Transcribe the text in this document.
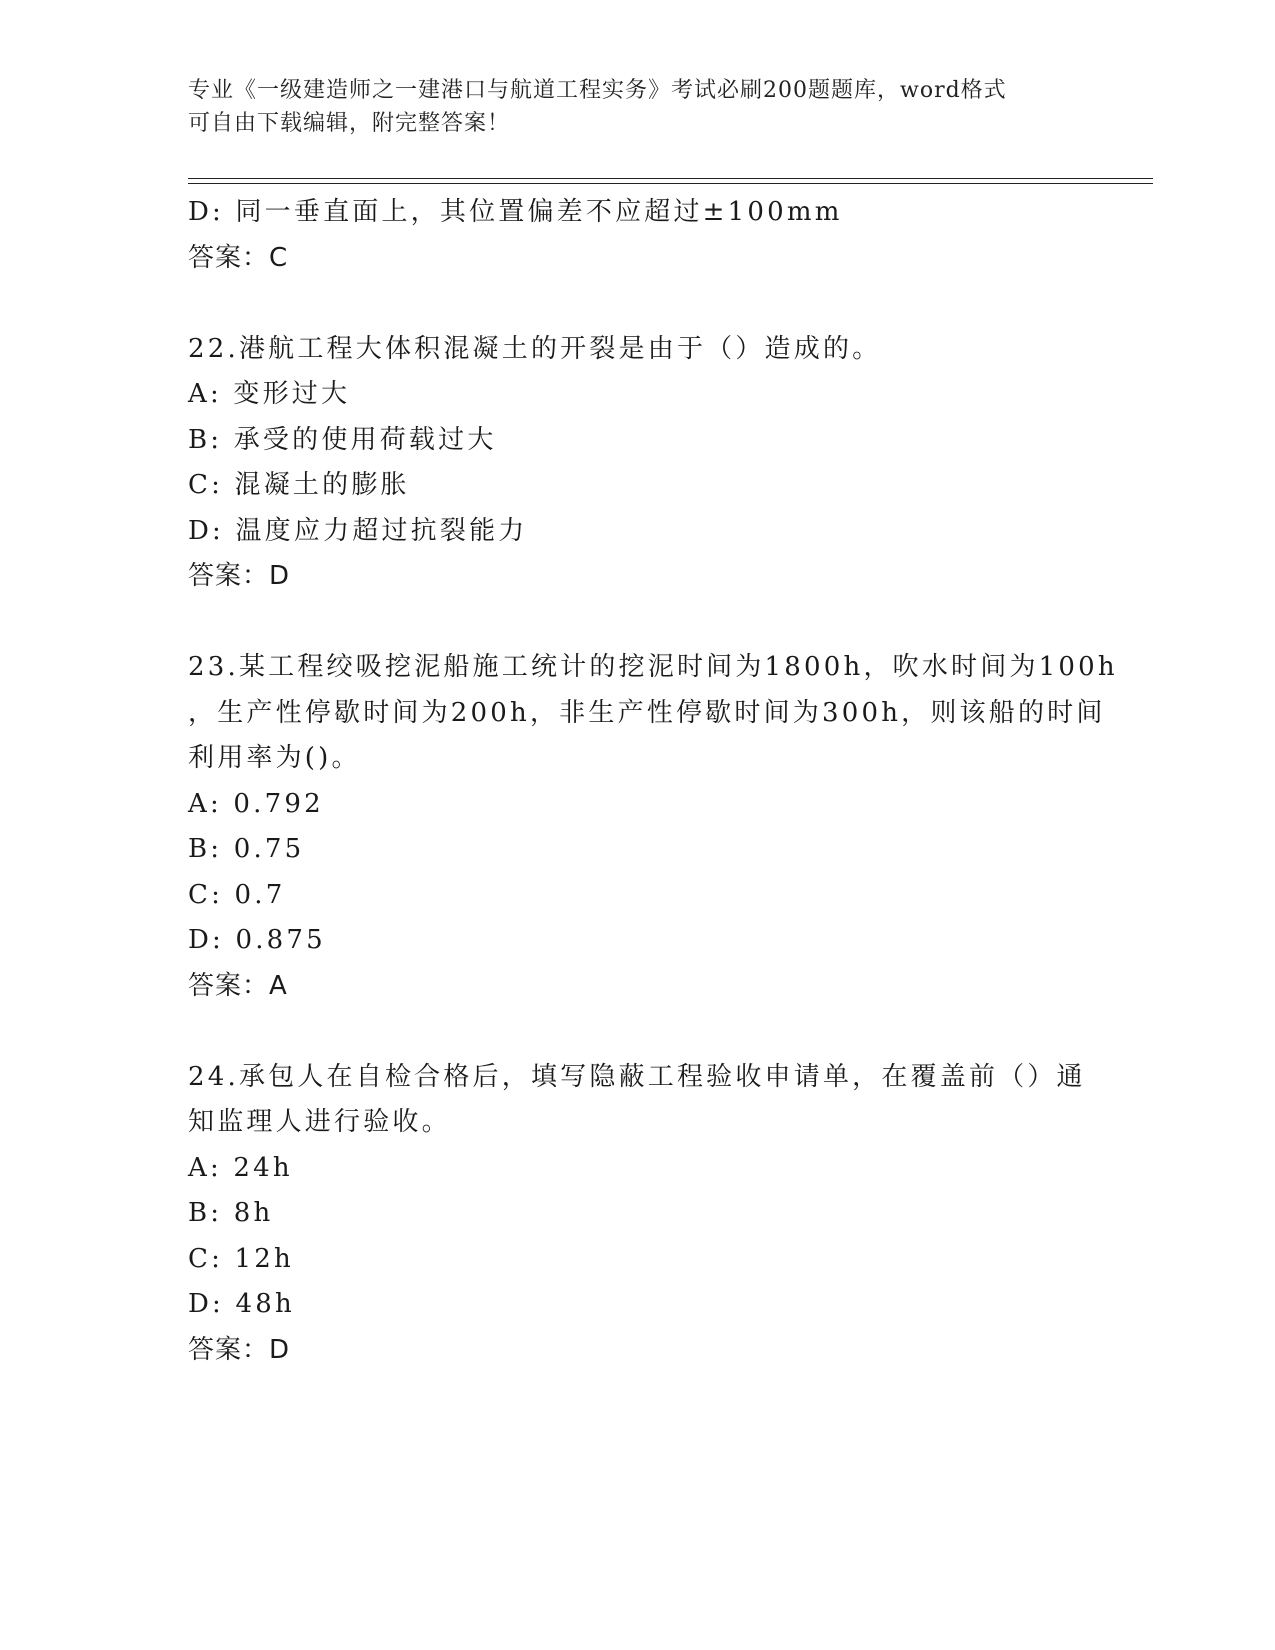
专业《一级建造师之一建港口与航道工程实务》考试必刷200题题库，word格式
可自由下载编辑，附完整答案！
D: 同一垂直面上，其位置偏差不应超过±100mm
答案：C
22.港航工程大体积混凝土的开裂是由于（）造成的。
A: 变形过大
B: 承受的使用荷载过大
C: 混凝土的膨胀
D: 温度应力超过抗裂能力
答案：D
23.某工程绞吸挖泥船施工统计的挖泥时间为1800h，吹水时间为100h
，生产性停歇时间为200h，非生产性停歇时间为300h，则该船的时间
利用率为()。
A: 0.792
B: 0.75
C: 0.7
D: 0.875
答案：A
24.承包人在自检合格后，填写隐蔽工程验收申请单，在覆盖前（）通
知监理人进行验收。
A: 24h
B: 8h
C: 12h
D: 48h
答案：D
